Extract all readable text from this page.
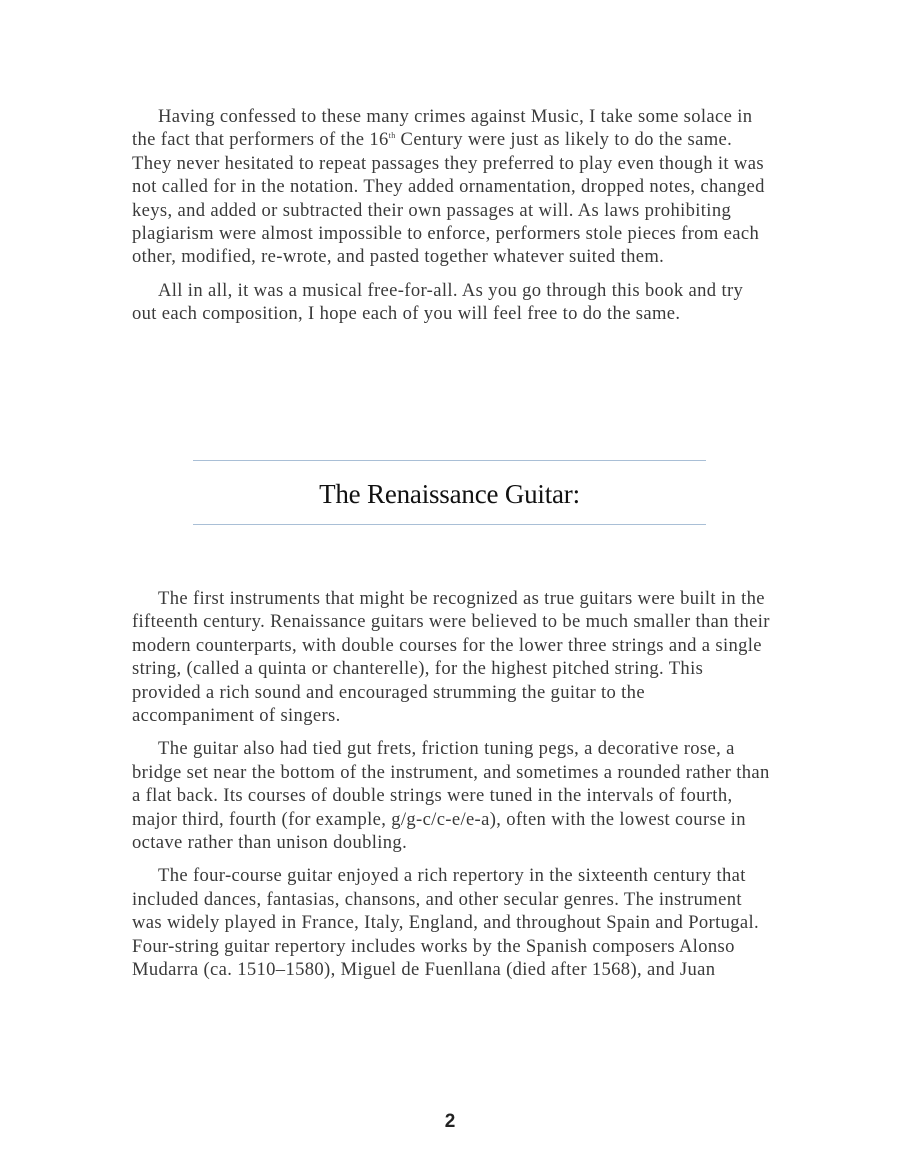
Having confessed to these many crimes against Music, I take some solace in the fact that performers of the 16th Century were just as likely to do the same. They never hesitated to repeat passages they preferred to play even though it was not called for in the notation. They added ornamentation, dropped notes, changed keys, and added or subtracted their own passages at will. As laws prohibiting plagiarism were almost impossible to enforce, performers stole pieces from each other, modified, re-wrote, and pasted together whatever suited them.

All in all, it was a musical free-for-all. As you go through this book and try out each composition, I hope each of you will feel free to do the same.

The Renaissance Guitar:

The first instruments that might be recognized as true guitars were built in the fifteenth century. Renaissance guitars were believed to be much smaller than their modern counterparts, with double courses for the lower three strings and a single string, (called a quinta or chanterelle), for the highest pitched string. This provided a rich sound and encouraged strumming the guitar to the accompaniment of singers.

The guitar also had tied gut frets, friction tuning pegs, a decorative rose, a bridge set near the bottom of the instrument, and sometimes a rounded rather than a flat back. Its courses of double strings were tuned in the intervals of fourth, major third, fourth (for example, g/g-c/c-e/e-a), often with the lowest course in octave rather than unison doubling.

The four-course guitar enjoyed a rich repertory in the sixteenth century that included dances, fantasias, chansons, and other secular genres. The instrument was widely played in France, Italy, England, and throughout Spain and Portugal. Four-string guitar repertory includes works by the Spanish composers Alonso Mudarra (ca. 1510–1580), Miguel de Fuenllana (died after 1568), and Juan

2
